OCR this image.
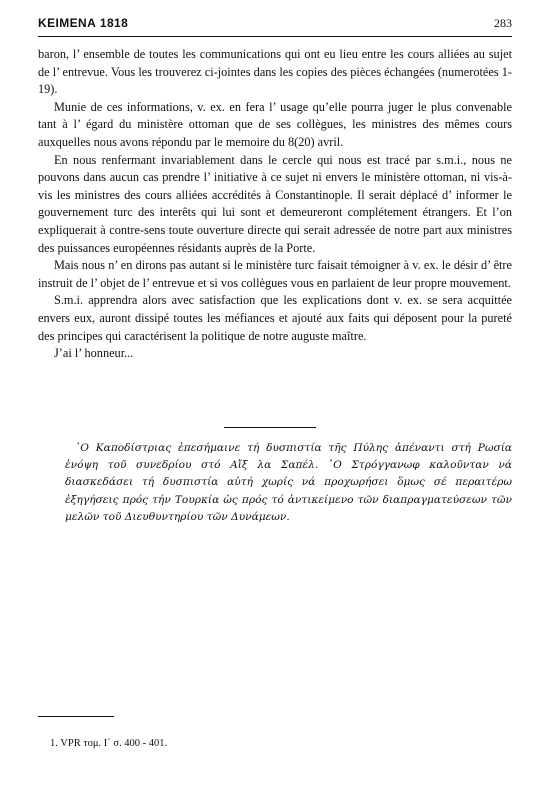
ΚΕΙΜΕΝΑ 1818	283

baron, l’ ensemble de toutes les communications qui ont eu lieu entre les cours alliées au sujet de l’ entrevue. Vous les trouverez ci-jointes dans les copies des pièces échangées (numerotées 1-19).

Munie de ces informations, v. ex. en fera l’ usage qu’elle pourra juger le plus convenable tant à l’ égard du ministère ottoman que de ses collègues, les ministres des mêmes cours auxquelles nous avons répondu par le memoire du 8(20) avril.

En nous renfermant invariablement dans le cercle qui nous est tracé par s.m.i., nous ne pouvons dans aucun cas prendre l’ initiative à ce sujet ni envers le ministère ottoman, ni vis-à-vis les ministres des cours alliées accrédités à Constantinople. Il serait déplacé d’ informer le gouvernement turc des interêts qui lui sont et demeureront complétement étrangers. Et l’on expliquerait à contre-sens toute ouverture directe qui serait adressée de notre part aux ministres des puissances européennes résidants auprès de la Porte.

Mais nous n’ en dirons pas autant si le ministère turc faisait témoigner à v. ex. le désir d’ être instruit de l’ objet de l’ entrevue et si vos collègues vous en parlaient de leur propre mouvement.

S.m.i. apprendra alors avec satisfaction que les explications dont v. ex. se sera acquittée envers eux, auront dissipé toutes les méfiances et ajouté aux faits qui déposent pour la pureté des principes qui caractérisent la politique de notre auguste maître.

J’ai l’ honneur...

῾Ο Καποδίστριας ἐπεσήμαινε τή δυσπιστία τῆς Πύλης ἀπέναντι στή Ρωσία ἐνόψη τοῦ συνεδρίου στό Αἴξ λα Σαπέλ. ῾Ο Στρόγγανωφ καλοῦνταν νά διασκεδάσει τή δυσπιστία αὐτή χωρίς νά προχωρήσει ὅμως σέ περαιτέρω ἐξηγήσεις πρός τήν Τουρκία ὡς πρός τό ἀντικείμενο τῶν διαπραγματεύσεων τῶν μελῶν τοῦ Διευθυντηρίου τῶν Δυνάμεων.

1. VPR τομ. Ι΄ σ. 400 - 401.
